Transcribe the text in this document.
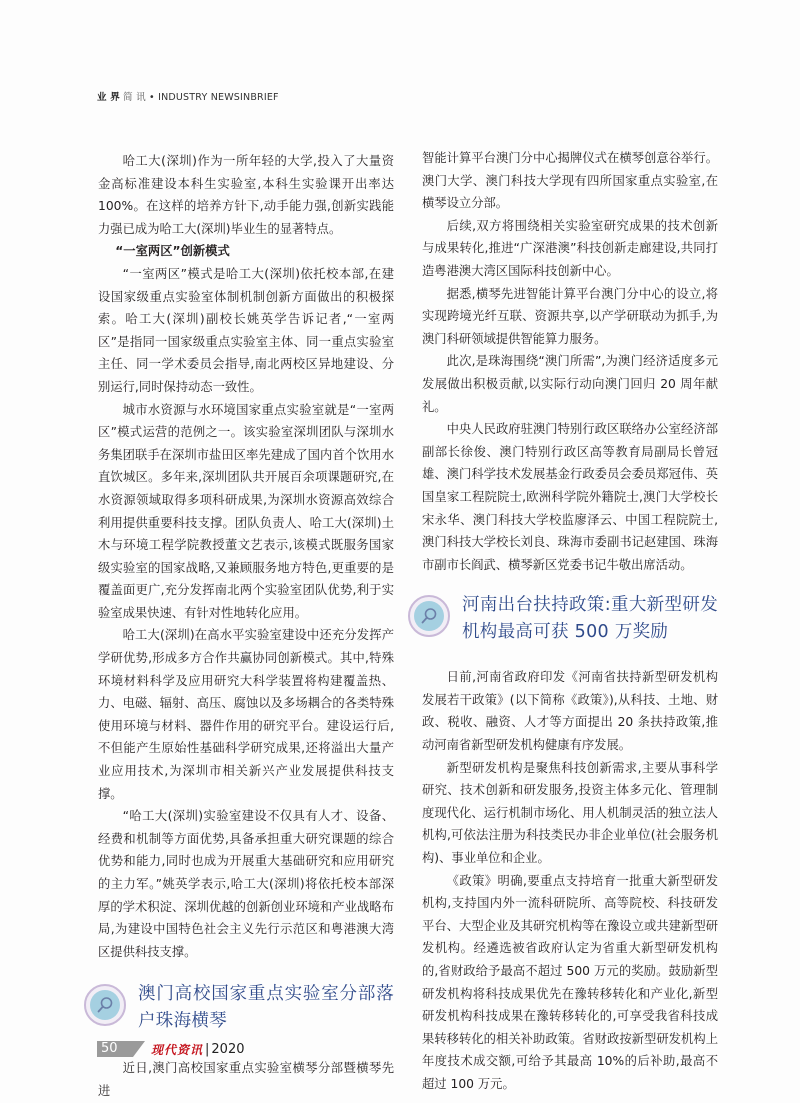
业 界 简 讯 • INDUSTRY NEWSINBRIEF

哈工大(深圳)作为一所年轻的大学,投入了大量资金高标准建设本科生实验室,本科生实验课开出率达 100%。在这样的培养方针下,动手能力强,创新实践能力强已成为哈工大(深圳)毕业生的显著特点。

“一室两区”创新模式

“一室两区”模式是哈工大(深圳)依托校本部,在建设国家级重点实验室体制机制创新方面做出的积极探索。哈工大(深圳)副校长姚英学告诉记者,“一室两区”是指同一国家级重点实验室主体、同一重点实验室主任、同一学术委员会指导,南北两校区异地建设、分别运行,同时保持动态一致性。

城市水资源与水环境国家重点实验室就是“一室两区”模式运营的范例之一。该实验室深圳团队与深圳水务集团联手在深圳市盐田区率先建成了国内首个饮用水直饮城区。多年来,深圳团队共开展百余项课题研究,在水资源领域取得多项科研成果,为深圳水资源高效综合利用提供重要科技支撑。团队负责人、哈工大(深圳)土木与环境工程学院教授董文艺表示,该模式既服务国家级实验室的国家战略,又兼顾服务地方特色,更重要的是覆盖面更广,充分发挥南北两个实验室团队优势,利于实验室成果快速、有针对性地转化应用。

哈工大(深圳)在高水平实验室建设中还充分发挥产学研优势,形成多方合作共赢协同创新模式。其中,特殊环境材料科学及应用研究大科学装置将构建覆盖热、力、电磁、辐射、高压、腐蚀以及多场耦合的各类特殊使用环境与材料、器件作用的研究平台。建设运行后,不但能产生原始性基础科学研究成果,还将溢出大量产业应用技术,为深圳市相关新兴产业发展提供科技支撑。

“哈工大(深圳)实验室建设不仅具有人才、设备、经费和机制等方面优势,具备承担重大研究课题的综合优势和能力,同时也成为开展重大基础研究和应用研究的主力军。”姚英学表示,哈工大(深圳)将依托校本部深厚的学术积淀、深圳优越的创新创业环境和产业战略布局,为建设中国特色社会主义先行示范区和粤港澳大湾区提供科技支撑。

澳门高校国家重点实验室分部落户珠海横琴

近日,澳门高校国家重点实验室横琴分部暨横琴先进

智能计算平台澳门分中心揭牌仪式在横琴创意谷举行。澳门大学、澳门科技大学现有四所国家重点实验室,在横琴设立分部。

后续,双方将围绕相关实验室研究成果的技术创新与成果转化,推进“广深港澳”科技创新走廊建设,共同打造粤港澳大湾区国际科技创新中心。

据悉,横琴先进智能计算平台澳门分中心的设立,将实现跨境光纤互联、资源共享,以产学研联动为抓手,为澳门科研领域提供智能算力服务。

此次,是珠海围绕“澳门所需”,为澳门经济适度多元发展做出积极贡献,以实际行动向澳门回归 20 周年献礼。

中央人民政府驻澳门特别行政区联络办公室经济部副部长徐俊、澳门特别行政区高等教育局副局长曾冠雄、澳门科学技术发展基金行政委员会委员郑冠伟、英国皇家工程院院士,欧洲科学院外籍院士,澳门大学校长宋永华、澳门科技大学校监廖泽云、中国工程院院士,澳门科技大学校长刘良、珠海市委副书记赵建国、珠海市副市长阎武、横琴新区党委书记牛敬出席活动。

河南出台扶持政策:重大新型研发机构最高可获 500 万奖励

日前,河南省政府印发《河南省扶持新型研发机构发展若干政策》(以下简称《政策》),从科技、土地、财政、税收、融资、人才等方面提出 20 条扶持政策,推动河南省新型研发机构健康有序发展。

新型研发机构是聚焦科技创新需求,主要从事科学研究、技术创新和研发服务,投资主体多元化、管理制度现代化、运行机制市场化、用人机制灵活的独立法人机构,可依法注册为科技类民办非企业单位(社会服务机构)、事业单位和企业。

《政策》明确,要重点支持培育一批重大新型研发机构,支持国内外一流科研院所、高等院校、科技研发平台、大型企业及其研究机构等在豫设立或共建新型研发机构。经遴选被省政府认定为省重大新型研发机构的,省财政给予最高不超过 500 万元的奖励。鼓励新型研发机构将科技成果优先在豫转移转化和产业化,新型研发机构科技成果在豫转移转化的,可享受我省科技成果转移转化的相关补助政策。省财政按新型研发机构上年度技术成交额,可给予其最高 10%的后补助,最高不超过 100 万元。

50	现代资讯 | 2020
